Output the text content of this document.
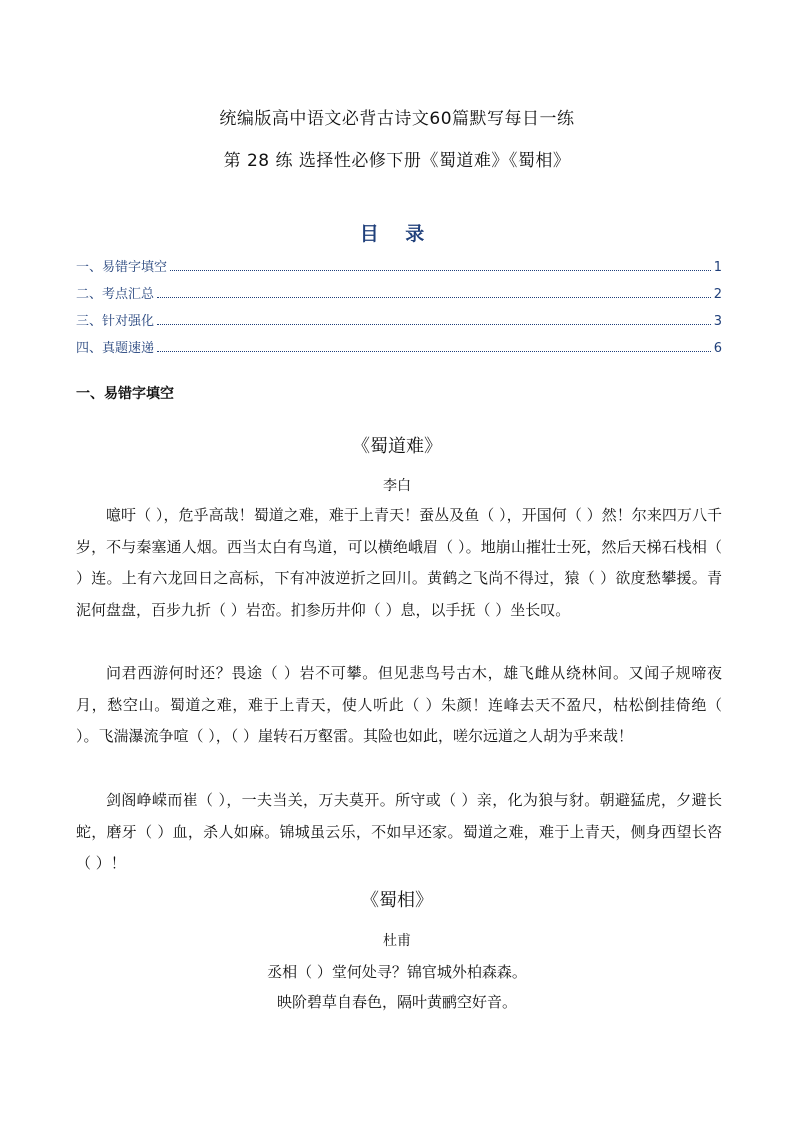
统编版高中语文必背古诗文60篇默写每日一练
第 28 练 选择性必修下册《蜀道难》《蜀相》
目 录
一、易错字填空	1
二、考点汇总	2
三、针对强化	3
四、真题速递	6
一、易错字填空
《蜀道难》
李白
噫吁（ ），危乎高哉！蜀道之难，难于上青天！蚕丛及鱼（ ），开国何（ ）然！尔来四万八千岁，不与秦塞通人烟。西当太白有鸟道，可以横绝峨眉（ ）。地崩山摧壮士死，然后天梯石栈相（ ）连。上有六龙回日之高标，下有冲波逆折之回川。黄鹤之飞尚不得过，猿（ ）欲度愁攀援。青泥何盘盘，百步九折（ ）岩峦。扪参历井仰（ ）息，以手抚（ ）坐长叹。
问君西游何时还？畏途（ ）岩不可攀。但见悲鸟号古木，雄飞雌从绕林间。又闻子规啼夜月，愁空山。蜀道之难，难于上青天，使人听此（ ）朱颜！连峰去天不盈尺，枯松倒挂倚绝（ ）。飞湍瀑流争喧（ ），（ ）崖转石万壑雷。其险也如此，嗟尔远道之人胡为乎来哉！
剑阁峥嵘而崔（ ），一夫当关，万夫莫开。所守或（ ）亲，化为狼与豺。朝避猛虎，夕避长蛇，磨牙（ ）血，杀人如麻。锦城虽云乐，不如早还家。蜀道之难，难于上青天，侧身西望长咨（ ）！
《蜀相》
杜甫
丞相（ ）堂何处寻？锦官城外柏森森。
映阶碧草自春色，隔叶黄鹂空好音。
